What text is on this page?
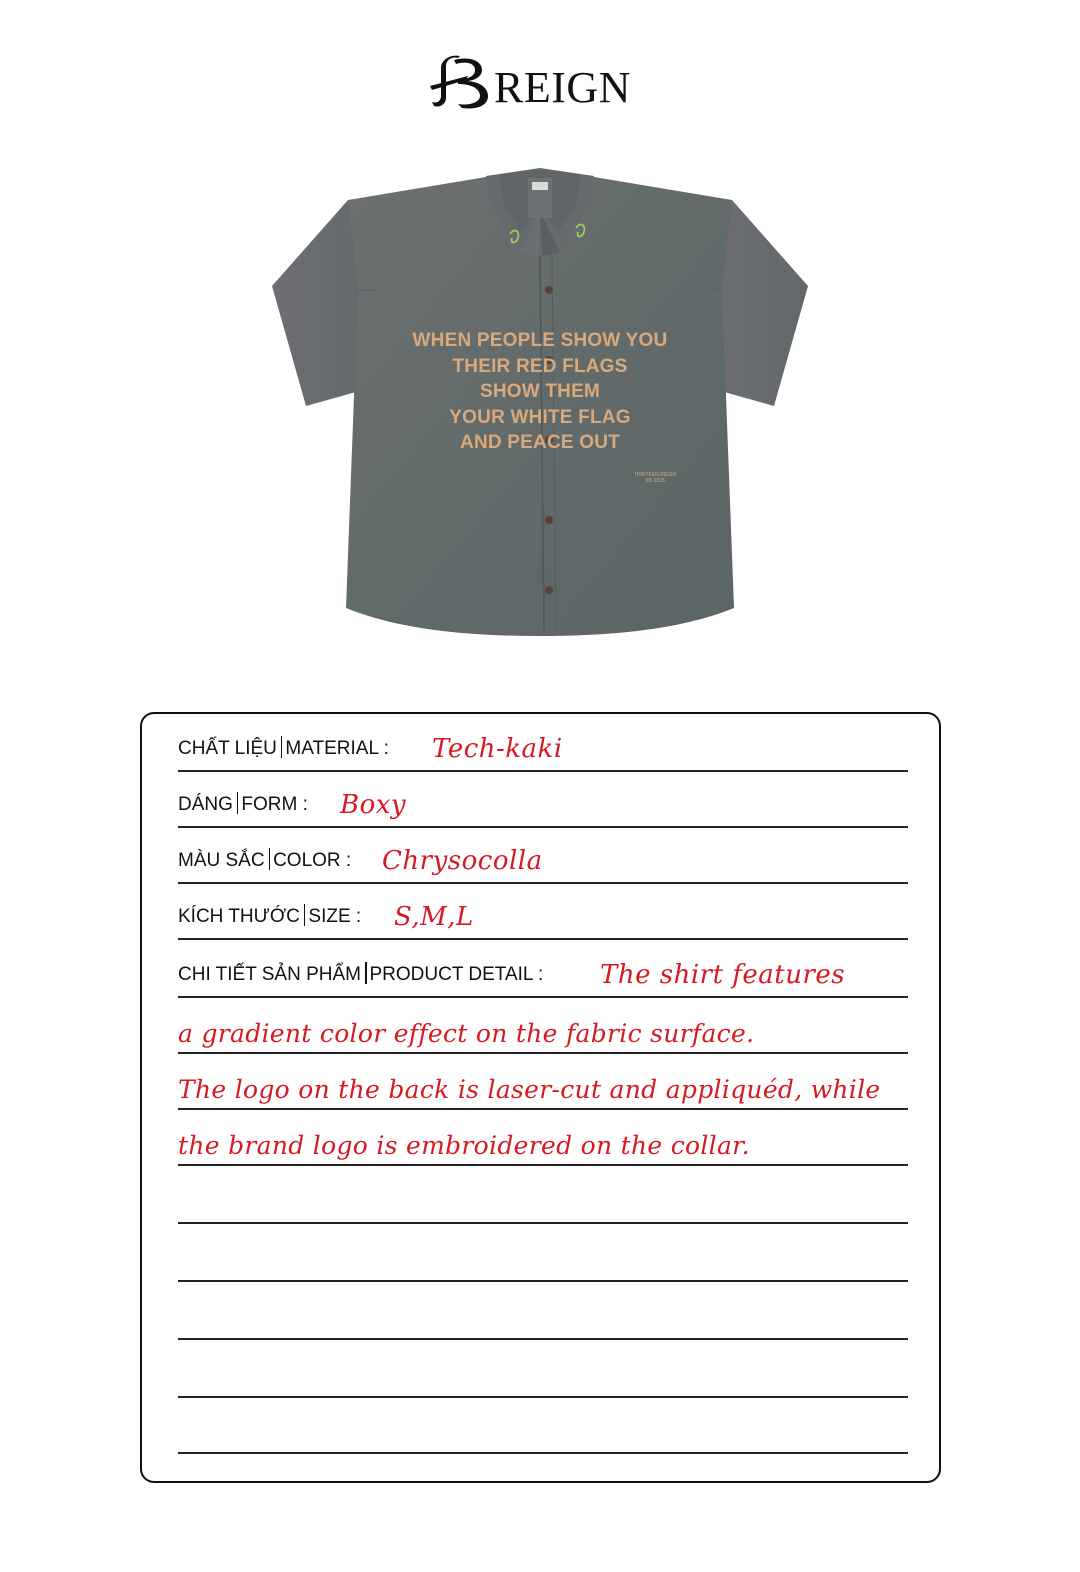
REIGN
WHEN PEOPLE SHOW YOU
THEIR RED FLAGS
SHOW THEM
YOUR WHITE FLAG
AND PEACE OUT
THIRTEEN REIGN
3/5 2025
CHẤT LIỆU MATERIAL : Tech-kaki
DÁNG FORM : Boxy
MÀU SẮC COLOR : Chrysocolla
KÍCH THƯỚC SIZE : S,M,L
CHI TIẾT SẢN PHẨM PRODUCT DETAIL : The shirt features
a gradient color effect on the fabric surface.
The logo on the back is laser-cut and appliquéd, while
the brand logo is embroidered on the collar.
